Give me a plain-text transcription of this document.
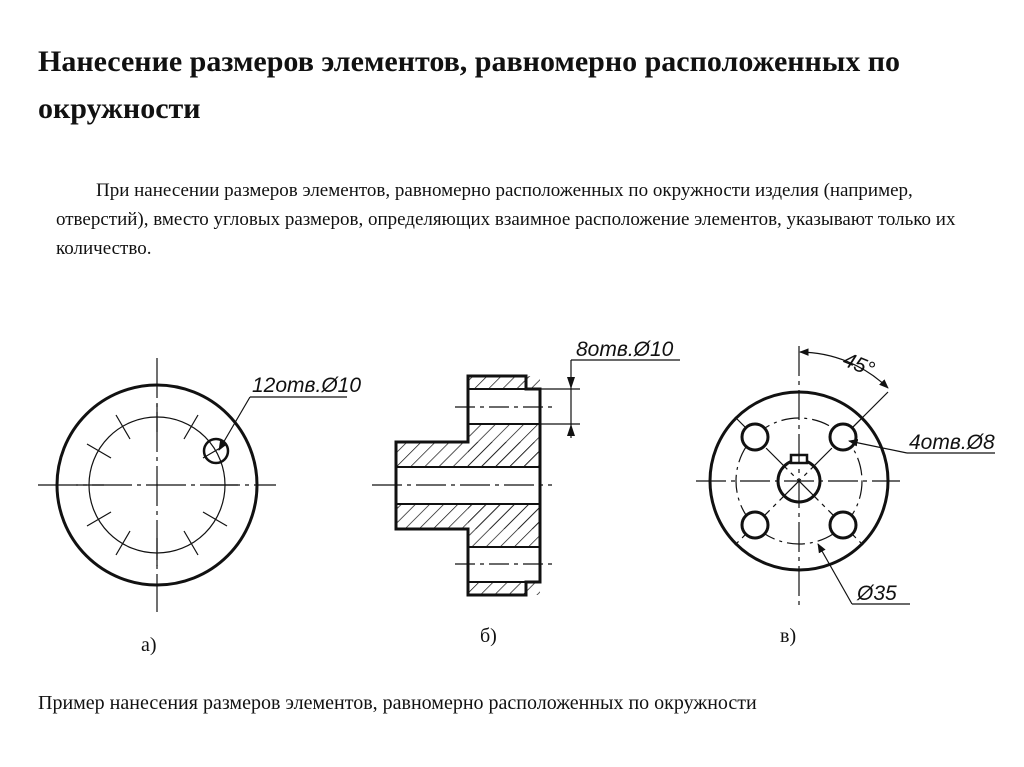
Нанесение размеров элементов, равномерно расположенных по окружности
При нанесении размеров элементов, равномерно расположенных по окружности изделия (например, отверстий), вместо угловых размеров, определяющих взаимное расположение элементов, указывают только их количество.
12отв.Ø10
8отв.Ø10	45°
4отв.Ø8
Ø35
а)	б)	в)
Пример нанесения размеров элементов, равномерно расположенных по окружности
